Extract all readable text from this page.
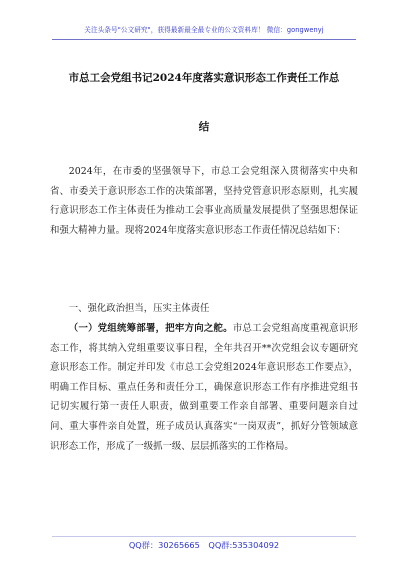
关注头条号"公文研究"，获得最新最全最专业的公文资料库！ 微信：gongwenyj
市总工会党组书记2024年度落实意识形态工作责任工作总
结
2024年，在市委的坚强领导下，市总工会党组深入贯彻落实中央和省、市委关于意识形态工作的决策部署，坚持党管意识形态原则，扎实履行意识形态工作主体责任为推动工会事业高质量发展提供了坚强思想保证和强大精神力量。现将2024年度落实意识形态工作责任情况总结如下：
一、强化政治担当，压实主体责任
（一）党组统筹部署，把牢方向之舵。市总工会党组高度重视意识形态工作，将其纳入党组重要议事日程，全年共召开**次党组会议专题研究意识形态工作。制定并印发《市总工会党组2024年意识形态工作要点》，明确工作目标、重点任务和责任分工，确保意识形态工作有序推进党组书记切实履行第一责任人职责，做到重要工作亲自部署、重要问题亲自过问、重大事件亲自处置，班子成员认真落实“一岗双责”，抓好分管领域意识形态工作，形成了一级抓一级、层层抓落实的工作格局。
QQ群：30265665 QQ群:535304092
